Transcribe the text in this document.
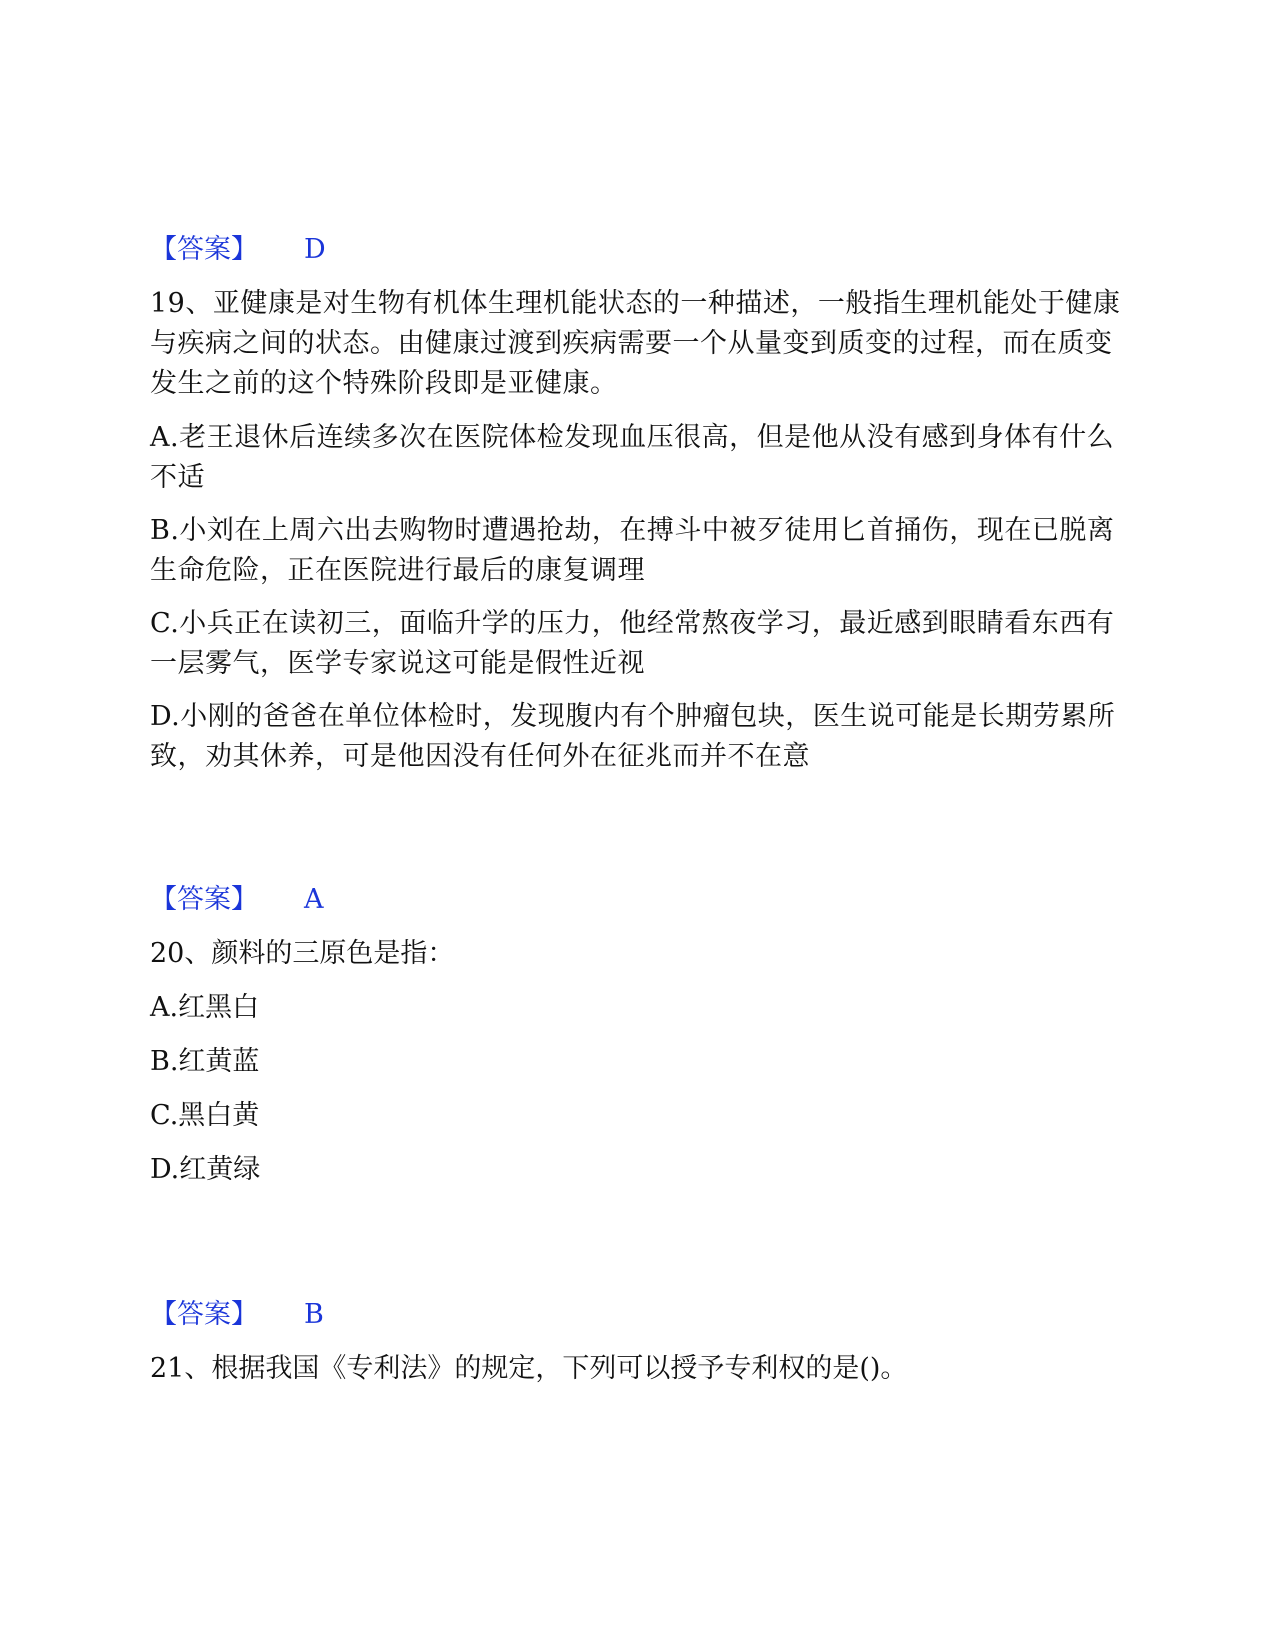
【答案】 D
19、亚健康是对生物有机体生理机能状态的一种描述，一般指生理机能处于健康与疾病之间的状态。由健康过渡到疾病需要一个从量变到质变的过程，而在质变发生之前的这个特殊阶段即是亚健康。
A.老王退休后连续多次在医院体检发现血压很高，但是他从没有感到身体有什么不适
B.小刘在上周六出去购物时遭遇抢劫，在搏斗中被歹徒用匕首捅伤，现在已脱离生命危险，正在医院进行最后的康复调理
C.小兵正在读初三，面临升学的压力，他经常熬夜学习，最近感到眼睛看东西有一层雾气，医学专家说这可能是假性近视
D.小刚的爸爸在单位体检时，发现腹内有个肿瘤包块，医生说可能是长期劳累所致，劝其休养，可是他因没有任何外在征兆而并不在意
【答案】 A
20、颜料的三原色是指：
A.红黑白
B.红黄蓝
C.黑白黄
D.红黄绿
【答案】 B
21、根据我国《专利法》的规定，下列可以授予专利权的是()。
